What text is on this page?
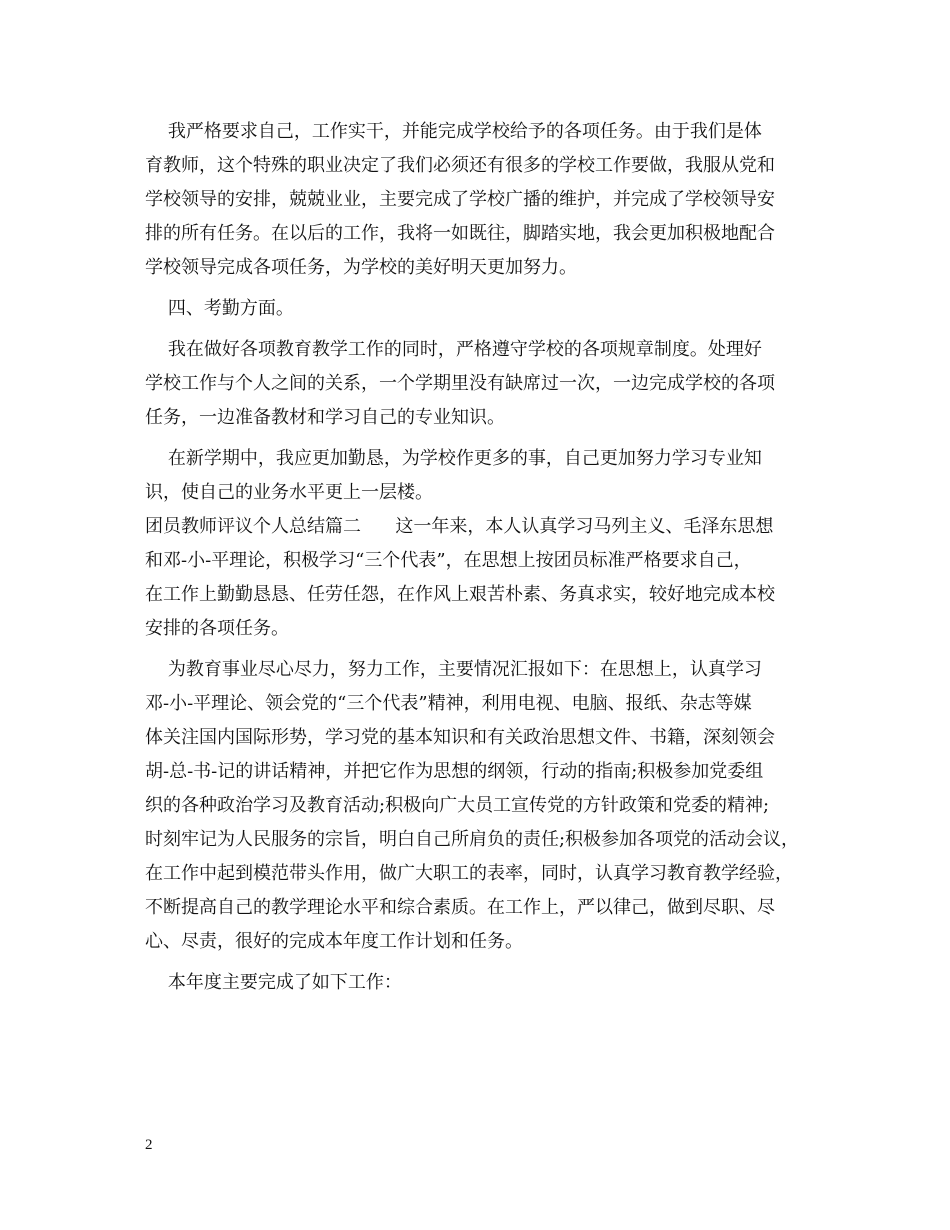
我严格要求自己，工作实干，并能完成学校给予的各项任务。由于我们是体
育教师，这个特殊的职业决定了我们必须还有很多的学校工作要做，我服从党和
学校领导的安排，兢兢业业，主要完成了学校广播的维护，并完成了学校领导安
排的所有任务。在以后的工作，我将一如既往，脚踏实地，我会更加积极地配合
学校领导完成各项任务，为学校的美好明天更加努力。
四、考勤方面。
我在做好各项教育教学工作的同时，严格遵守学校的各项规章制度。处理好
学校工作与个人之间的关系，一个学期里没有缺席过一次，一边完成学校的各项
任务，一边准备教材和学习自己的专业知识。
在新学期中，我应更加勤恳，为学校作更多的事，自己更加努力学习专业知
识，使自己的业务水平更上一层楼。
团员教师评议个人总结篇二      这一年来，本人认真学习马列主义、毛泽东思想
和邓-小-平理论，积极学习“三个代表”，在思想上按团员标准严格要求自己，
在工作上勤勤恳恳、任劳任怨，在作风上艰苦朴素、务真求实，较好地完成本校
安排的各项任务。
为教育事业尽心尽力，努力工作，主要情况汇报如下：在思想上，认真学习
邓-小-平理论、领会党的“三个代表”精神，利用电视、电脑、报纸、杂志等媒
体关注国内国际形势，学习党的基本知识和有关政治思想文件、书籍，深刻领会
胡-总-书-记的讲话精神，并把它作为思想的纲领，行动的指南;积极参加党委组
织的各种政治学习及教育活动;积极向广大员工宣传党的方针政策和党委的精神;
时刻牢记为人民服务的宗旨，明白自己所肩负的责任;积极参加各项党的活动会议，
在工作中起到模范带头作用，做广大职工的表率，同时，认真学习教育教学经验，
不断提高自己的教学理论水平和综合素质。在工作上，严以律己，做到尽职、尽
心、尽责，很好的完成本年度工作计划和任务。
本年度主要完成了如下工作：
2
